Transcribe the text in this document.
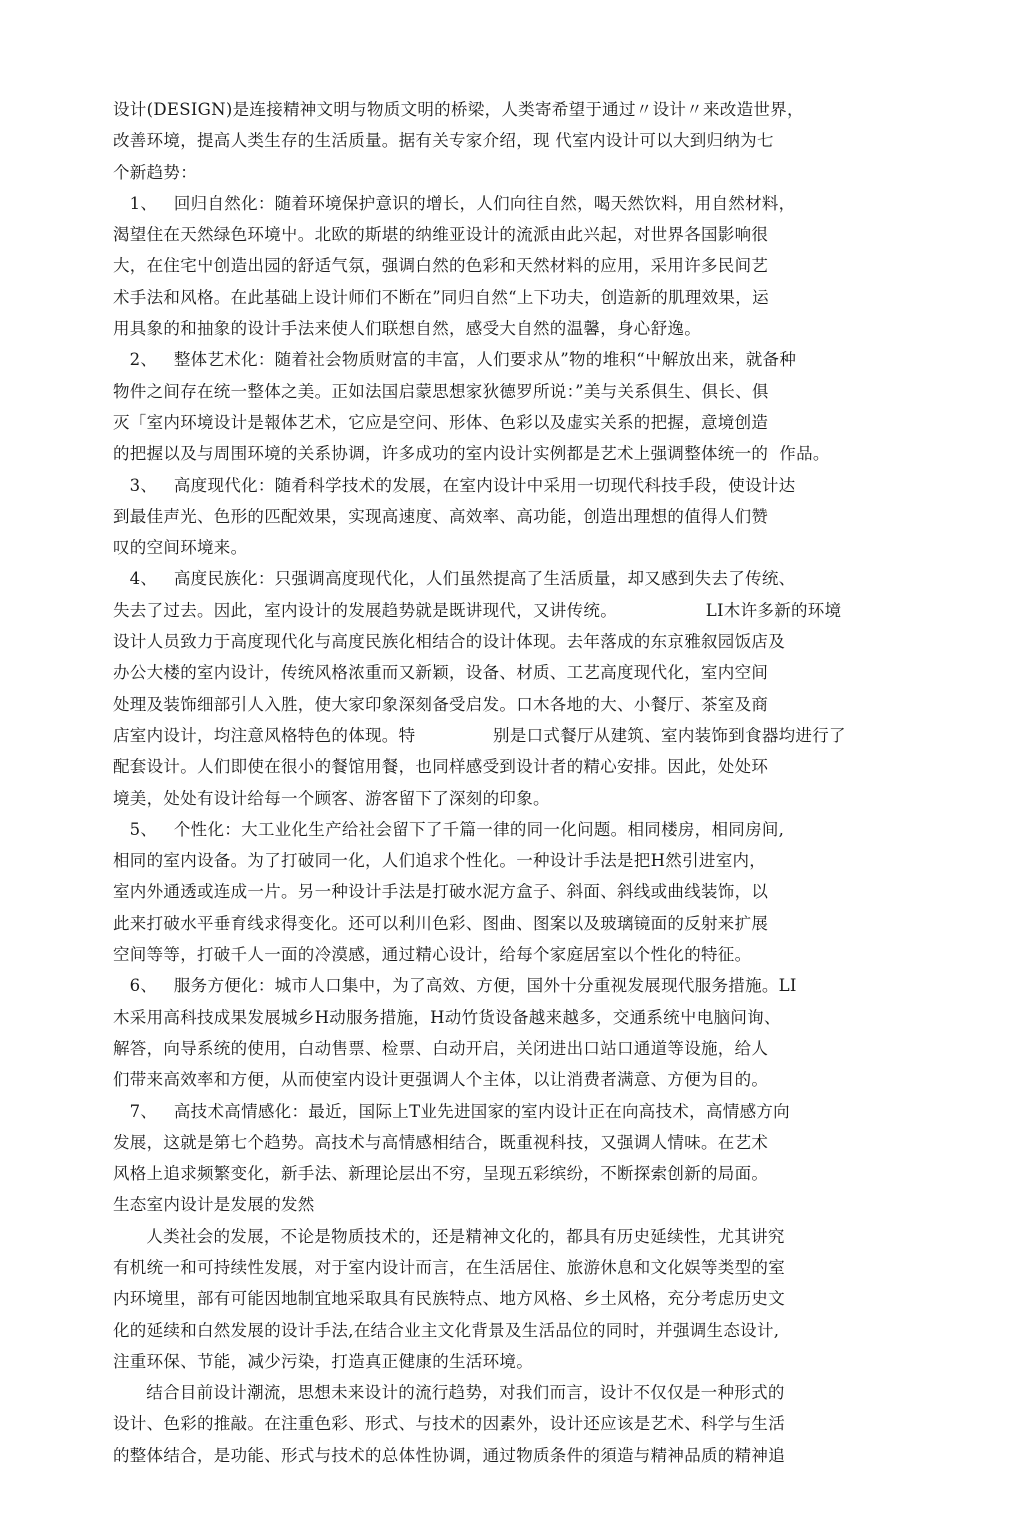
设计(DESIGN)是连接精神文明与物质文明的桥梁，人类寄希望于通过〃设计〃来改造世界，
改善环境，提高人类生存的生活质量。据有关专家介绍，现 代室内设计可以大到归纳为七
个新趋势：
1、   回归自然化：随着环境保护意识的增长，人们向往自然，喝天然饮料，用自然材料，
渴望住在天然绿色环境屮。北欧的斯堪的纳维亚设计的流派由此兴起，对世界各国影响很
大，在住宅屮创造出园的舒适气氛，强调白然的色彩和天然材料的应用，采用许多民间艺
术手法和风格。在此基础上设计师们不断在”同归自然“上下功夫，创造新的肌理效果，运
用具象的和抽象的设计手法来使人们联想自然，感受大自然的温馨，身心舒逸。
2、   整体艺术化：随着社会物质财富的丰富，人们要求从”物的堆积“屮解放出来，就备种
物件之间存在统一整体之美。正如法国启蒙思想家狄德罗所说：”美与关系俱生、俱长、俱
灭「室内环境设计是報体艺术，它应是空问、形体、色彩以及虚实关系的把握，意境创造
的把握以及与周围环境的关系协调，许多成功的室内设计实例都是艺术上强调整体统一的  作品。
3、   高度现代化：随肴科学技术的发展，在室内设计中采用一切现代科技手段，使设计达
到最佳声光、色形的匹配效果，实现高速度、高效率、高功能，创造出理想的值得人们赞
叹的空间环境来。
4、   高度民族化：只强调高度现代化，人们虽然提高了生活质量，却又感到失去了传统、
失去了过去。因此，室内设计的发展趋势就是既讲现代，又讲传统。                LI木许多新的环境
设计人员致力于高度现代化与高度民族化相结合的设计体现。去年落成的东京雅叙园饭店及
办公大楼的室内设计，传统风格浓重而又新颖，设备、材质、工艺高度现代化，室内空间
处理及装饰细部引人入胜，使大家印象深刻备受启发。口木各地的大、小餐厅、茶室及商
店室内设计，均注意风格特色的体现。特              别是口式餐厅从建筑、室内装饰到食器均进行了
配套设计。人们即使在很小的餐馆用餐，也同样感受到设计者的精心安排。因此，处处环
境美，处处有设计给每一个顾客、游客留下了深刻的印象。
5、   个性化：大工业化生产给社会留下了千篇一律的同一化问题。相同楼房，相同房间,
相同的室内设备。为了打破同一化，人们追求个性化。一种设计手法是把H然引进室内，
室内外通透或连成一片。另一种设计手法是打破水泥方盒子、斜面、斜线或曲线装饰，以
此来打破水平垂育线求得变化。还可以利川色彩、图曲、图案以及玻璃镜面的反射来扩展
空间等等，打破千人一面的冷漠感，通过精心设计，给每个家庭居室以个性化的特征。
6、   服务方便化：城市人口集中，为了高效、方便，国外十分重视发展现代服务措施。LI
木采用高科技成果发展城乡H动服务措施，H动竹货设备越来越多，交通系统屮电脑问询、
解答，向导系统的使用，白动售票、检票、白动开启，关闭进出口站口通道等设施，给人
们带来高效率和方便，从而使室内设计更强调人个主体，以让消费者满意、方便为目的。
7、   高技术高情感化：最近，国际上T业先进国家的室内设计正在向高技术，高情感方向
发展，这就是第七个趋势。高技术与高情感相结合，既重视科技，又强调人情味。在艺术
风格上追求频繁变化，新手法、新理论层出不穷，呈现五彩缤纷，不断探索创新的局面。
生态室内设计是发展的发然
人类社会的发展，不论是物质技术的，还是精神文化的，都具有历史延续性，尤其讲究
有机统一和可持续性发展，对于室内设计而言，在生活居住、旅游休息和文化娱等类型的室
内环境里，部有可能因地制宜地采取具有民族特点、地方风格、乡土风格，充分考虑历史文
化的延续和白然发展的设计手法,在结合业主文化背景及生活品位的同时，并强调生态设计,
注重环保、节能，减少污染，打造真正健康的生活环境。
结合目前设计潮流，思想未来设计的流行趋势，对我们而言，设计不仅仅是一种形式的
设计、色彩的推敲。在注重色彩、形式、与技术的因素外，设计还应该是艺术、科学与生活
的整体结合，是功能、形式与技术的总体性协调，通过物质条件的須造与精神品质的精神追
